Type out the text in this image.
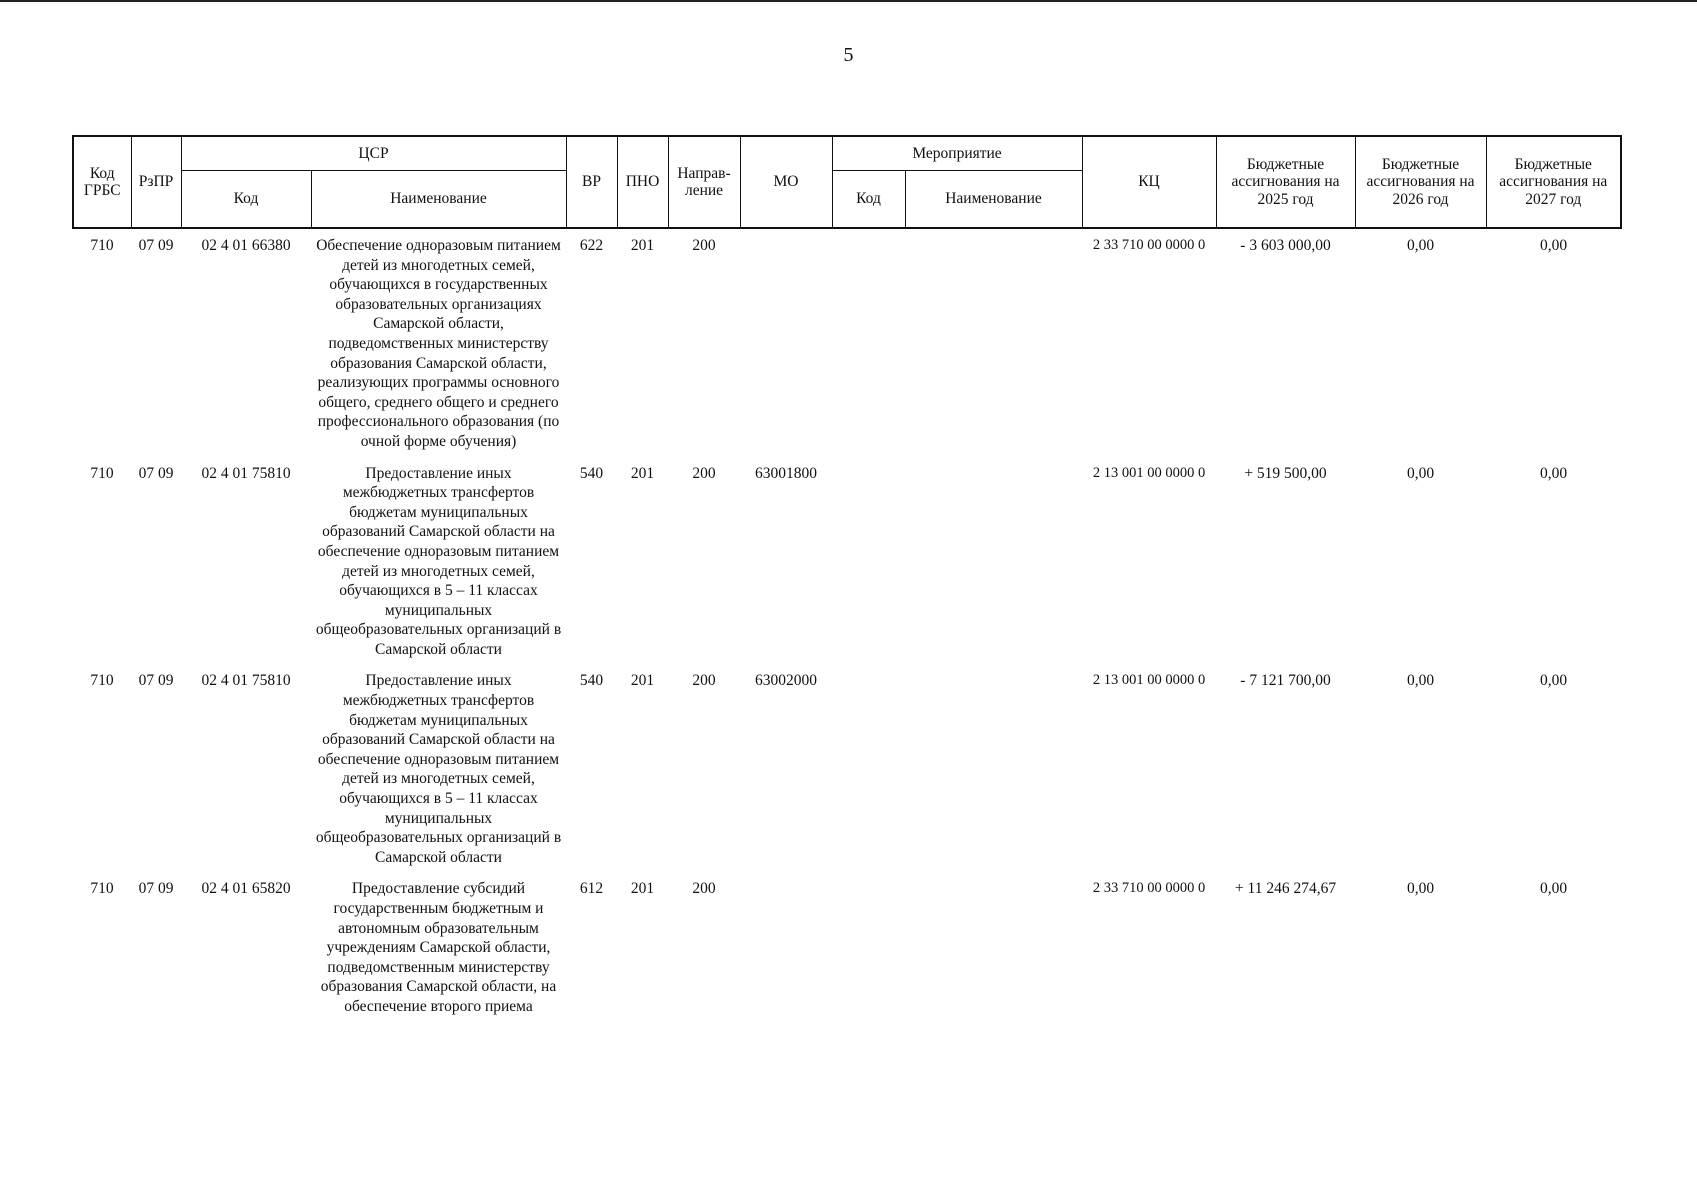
5
Код ГРБС	РзПР	ЦСР		ВР	ПНО	Направ-ление	МО	Мероприятие		КЦ	Бюджетные ассигнования на 2025 год	Бюджетные ассигнования на 2026 год	Бюджетные ассигнования на 2027 год
		Код	Наименование					Код	Наименование				
710	07 09	02 4 01 66380	Обеспечение одноразовым питанием детей из многодетных семей, обучающихся в государственных образовательных организациях Самарской области, подведомственных министерству образования Самарской области, реализующих программы основного общего, среднего общего и среднего профессионального образования (по очной форме обучения)	622	201	200				2 33 710 00 0000 0	- 3 603 000,00	0,00	0,00
710	07 09	02 4 01 75810	Предоставление иных межбюджетных трансфертов бюджетам муниципальных образований Самарской области на обеспечение одноразовым питанием детей из многодетных семей, обучающихся в 5 – 11 классах муниципальных общеобразовательных организаций в Самарской области	540	201	200	63001800			2 13 001 00 0000 0	+ 519 500,00	0,00	0,00
710	07 09	02 4 01 75810	Предоставление иных межбюджетных трансфертов бюджетам муниципальных образований Самарской области на обеспечение одноразовым питанием детей из многодетных семей, обучающихся в 5 – 11 классах муниципальных общеобразовательных организаций в Самарской области	540	201	200	63002000			2 13 001 00 0000 0	- 7 121 700,00	0,00	0,00
710	07 09	02 4 01 65820	Предоставление субсидий государственным бюджетным и автономным образовательным учреждениям Самарской области, подведомственным министерству образования Самарской области, на обеспечение второго приема	612	201	200				2 33 710 00 0000 0	+ 11 246 274,67	0,00	0,00
